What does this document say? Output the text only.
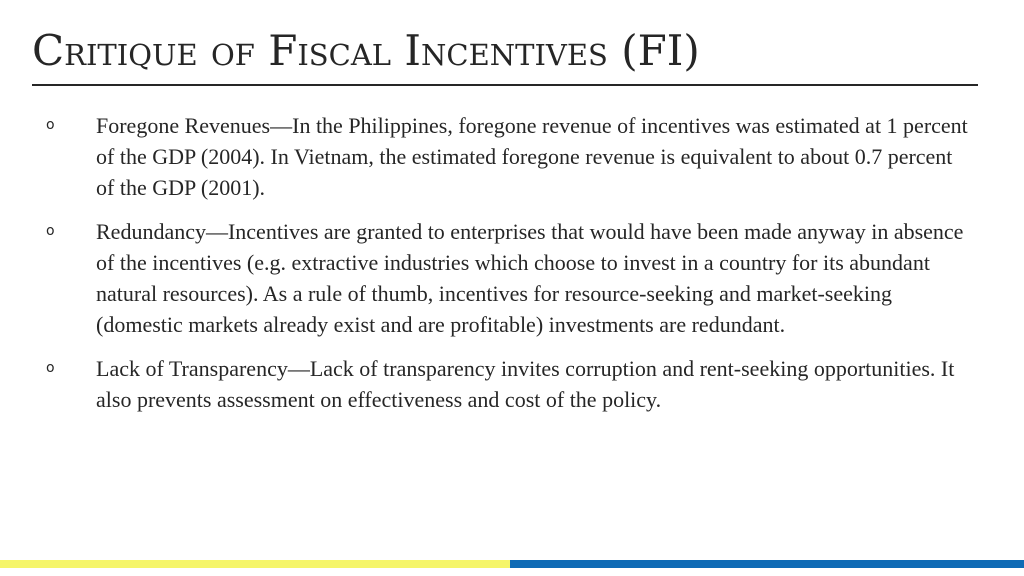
Critique of Fiscal Incentives (FI)
o	Foregone Revenues—In the Philippines, foregone revenue of incentives was estimated at 1 percent of the GDP (2004). In Vietnam, the estimated foregone revenue is equivalent to about 0.7 percent of the GDP (2001).
o	Redundancy—Incentives are granted to enterprises that would have been made anyway in absence of the incentives (e.g. extractive industries which choose to invest in a country for its abundant natural resources). As a rule of thumb, incentives for resource-seeking and market-seeking (domestic markets already exist and are profitable) investments are redundant.
o	Lack of Transparency—Lack of transparency invites corruption and rent-seeking opportunities. It also prevents assessment on effectiveness and cost of the policy.
